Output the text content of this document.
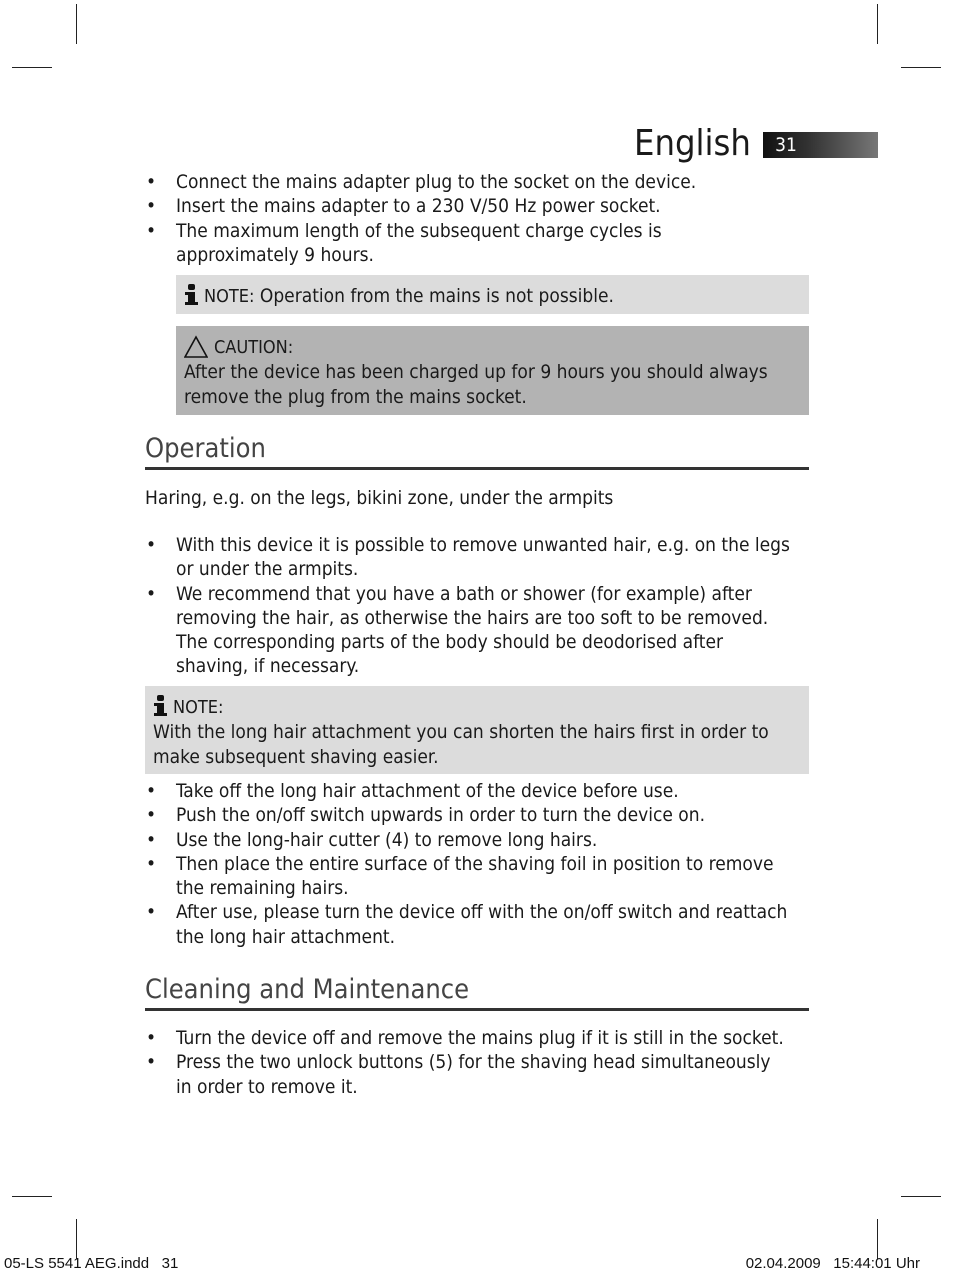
English	31
• Connect the mains adapter plug to the socket on the device.
• Insert the mains adapter to a 230 V/50 Hz power socket.
• The maximum length of the subsequent charge cycles is approximately 9 hours.
NOTE: Operation from the mains is not possible.
CAUTION:
After the device has been charged up for 9 hours you should always remove the plug from the mains socket.
Operation
Haring, e.g. on the legs, bikini zone, under the armpits
• With this device it is possible to remove unwanted hair, e.g. on the legs or under the armpits.
• We recommend that you have a bath or shower (for example) after removing the hair, as otherwise the hairs are too soft to be removed. The corresponding parts of the body should be deodorised after shaving, if necessary.
NOTE:
With the long hair attachment you can shorten the hairs first in order to make subsequent shaving easier.
• Take off the long hair attachment of the device before use.
• Push the on/off switch upwards in order to turn the device on.
• Use the long-hair cutter (4) to remove long hairs.
• Then place the entire surface of the shaving foil in position to remove the remaining hairs.
• After use, please turn the device off with the on/off switch and reattach the long hair attachment.
Cleaning and Maintenance
• Turn the device off and remove the mains plug if it is still in the socket.
• Press the two unlock buttons (5) for the shaving head simultaneously in order to remove it.
05-LS 5541 AEG.indd   31	02.04.2009   15:44:01 Uhr
